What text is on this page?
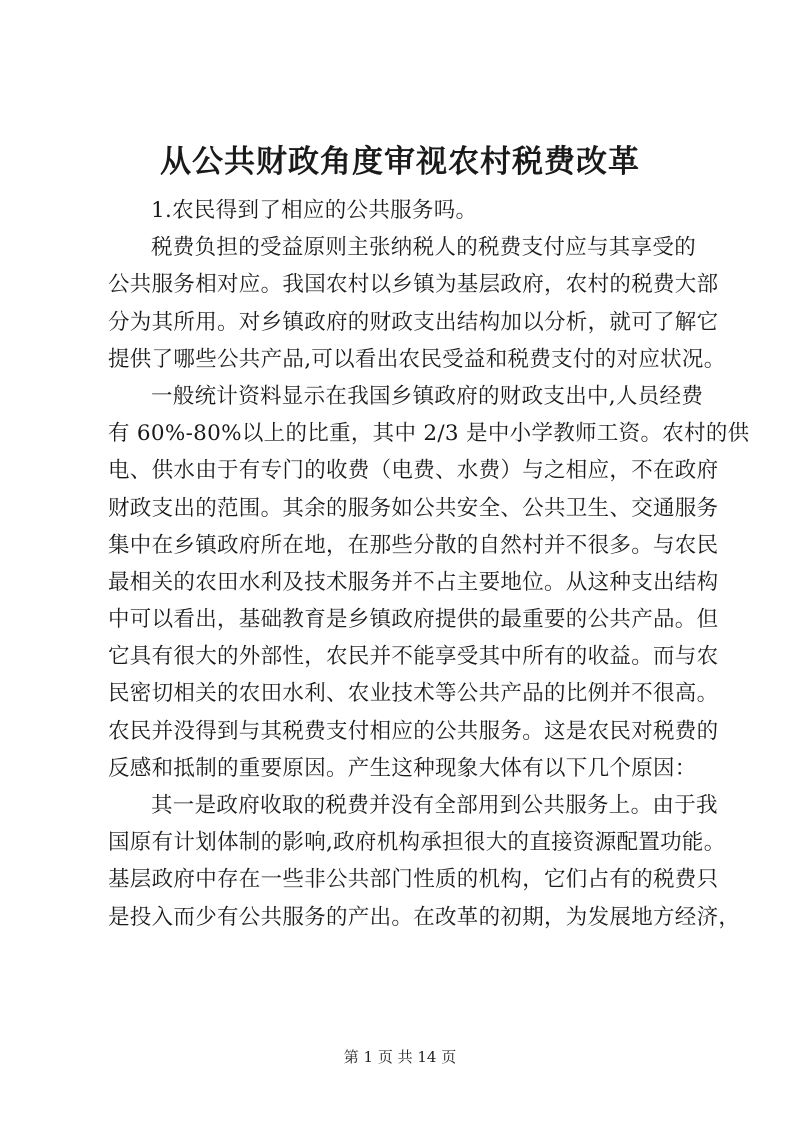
从公共财政角度审视农村税费改革
1.农民得到了相应的公共服务吗。
税费负担的受益原则主张纳税人的税费支付应与其享受的
公共服务相对应。我国农村以乡镇为基层政府，农村的税费大部
分为其所用。对乡镇政府的财政支出结构加以分析，就可了解它
提供了哪些公共产品,可以看出农民受益和税费支付的对应状况。
一般统计资料显示在我国乡镇政府的财政支出中,人员经费
有 60%-80%以上的比重，其中 2/3 是中小学教师工资。农村的供
电、供水由于有专门的收费（电费、水费）与之相应，不在政府
财政支出的范围。其余的服务如公共安全、公共卫生、交通服务
集中在乡镇政府所在地，在那些分散的自然村并不很多。与农民
最相关的农田水利及技术服务并不占主要地位。从这种支出结构
中可以看出，基础教育是乡镇政府提供的最重要的公共产品。但
它具有很大的外部性，农民并不能享受其中所有的收益。而与农
民密切相关的农田水利、农业技术等公共产品的比例并不很高。
农民并没得到与其税费支付相应的公共服务。这是农民对税费的
反感和抵制的重要原因。产生这种现象大体有以下几个原因：
其一是政府收取的税费并没有全部用到公共服务上。由于我
国原有计划体制的影响,政府机构承担很大的直接资源配置功能。
基层政府中存在一些非公共部门性质的机构，它们占有的税费只
是投入而少有公共服务的产出。在改革的初期，为发展地方经济，
第 1 页 共 14 页
